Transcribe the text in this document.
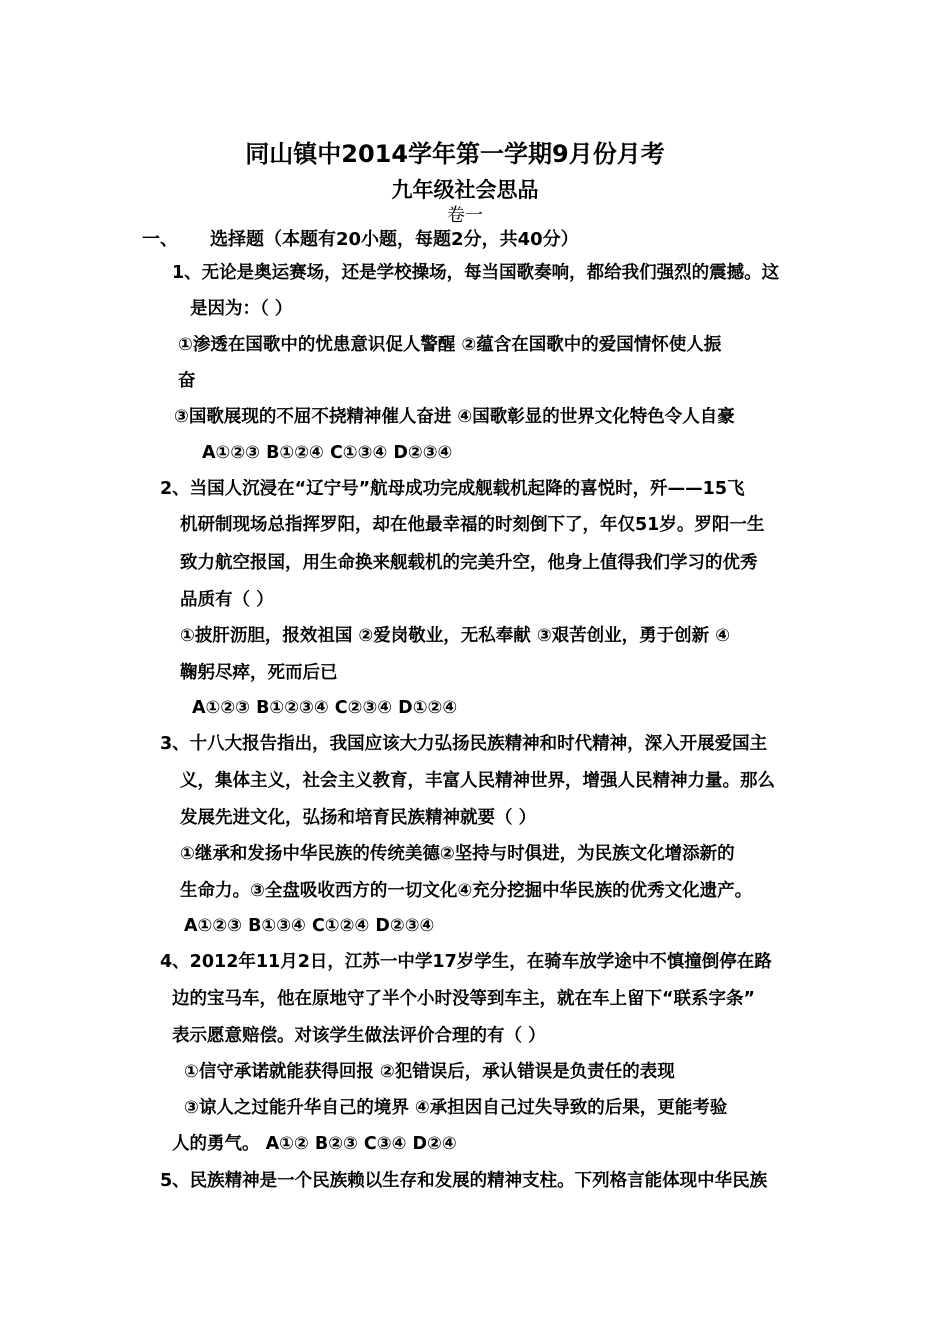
同山镇中2014学年第一学期9月份月考
九年级社会思品
卷一
一、 选择题（本题有20小题，每题2分，共40分）

1、无论是奥运赛场，还是学校操场，每当国歌奏响，都给我们强烈的震撼。这

是因为：（ ）

①渗透在国歌中的忧患意识促人警醒 ②蕴含在国歌中的爱国情怀使人振

奋

③国歌展现的不屈不挠精神催人奋进 ④国歌彰显的世界文化特色令人自豪

A①②③ B①②④ C①③④ D②③④

2、当国人沉浸在“辽宁号”航母成功完成舰载机起降的喜悦时，歼——15飞

机研制现场总指挥罗阳，却在他最幸福的时刻倒下了，年仅51岁。罗阳一生

致力航空报国，用生命换来舰载机的完美升空，他身上值得我们学习的优秀

品质有（ ）

①披肝沥胆，报效祖国 ②爱岗敬业，无私奉献 ③艰苦创业，勇于创新 ④

鞠躬尽瘁，死而后已

A①②③ B①②③④ C②③④ D①②④

3、十八大报告指出，我国应该大力弘扬民族精神和时代精神，深入开展爱国主

义，集体主义，社会主义教育，丰富人民精神世界，增强人民精神力量。那么

发展先进文化，弘扬和培育民族精神就要（ ）

①继承和发扬中华民族的传统美德②坚持与时俱进，为民族文化增添新的

生命力。③全盘吸收西方的一切文化④充分挖掘中华民族的优秀文化遗产。

A①②③ B①③④ C①②④ D②③④

4、2012年11月2日，江苏一中学17岁学生，在骑车放学途中不慎撞倒停在路

边的宝马车，他在原地守了半个小时没等到车主，就在车上留下“联系字条”

表示愿意赔偿。对该学生做法评价合理的有（ ）

①信守承诺就能获得回报 ②犯错误后，承认错误是负责任的表现

③谅人之过能升华自己的境界 ④承担因自己过失导致的后果，更能考验

人的勇气。 A①② B②③ C③④ D②④

5、民族精神是一个民族赖以生存和发展的精神支柱。下列格言能体现中华民族
